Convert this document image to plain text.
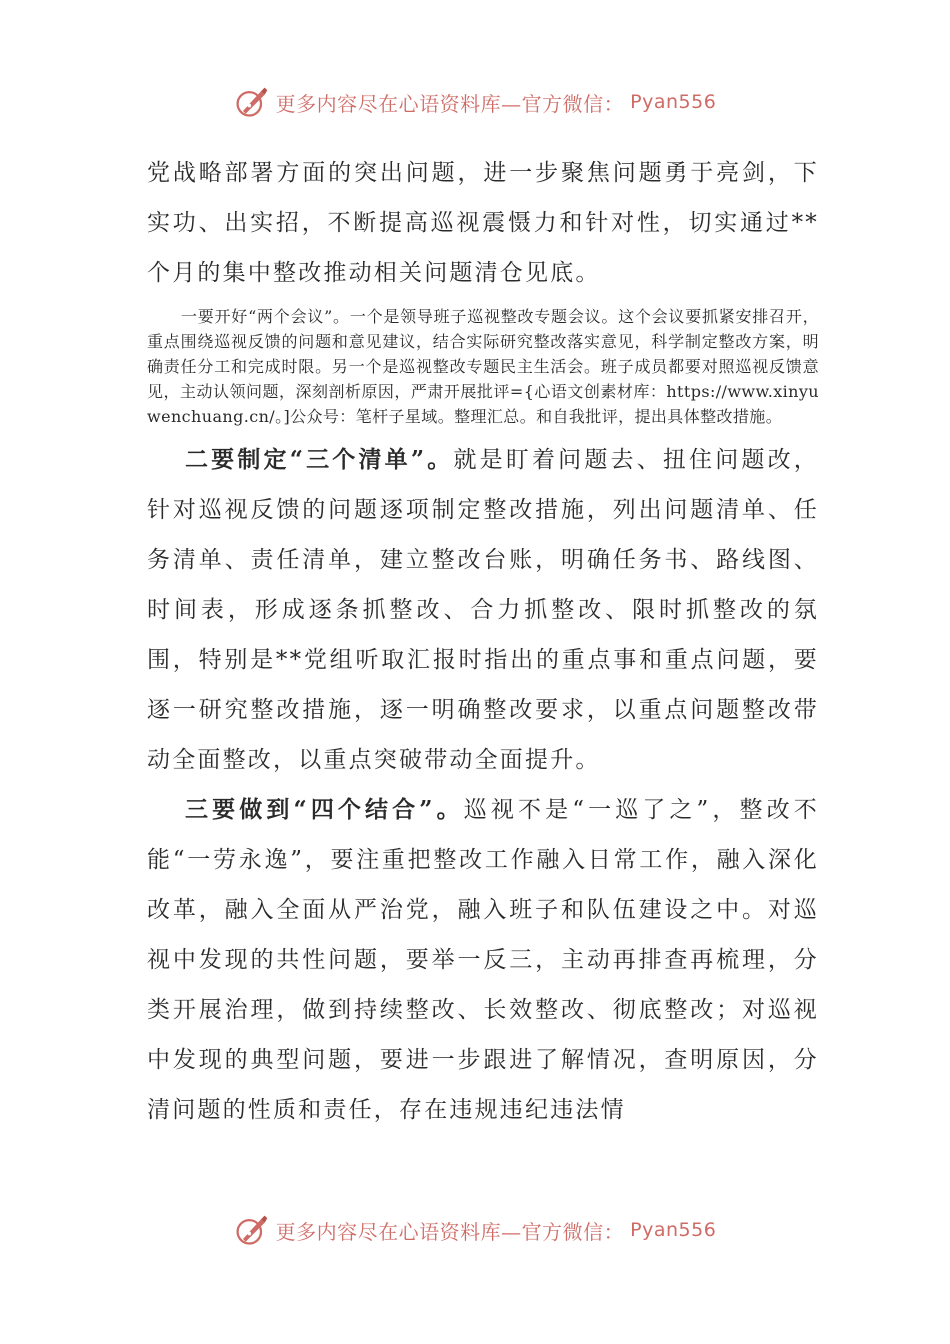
更多内容尽在心语资料库—官方微信： Pyan556

党战略部署方面的突出问题，进一步聚焦问题勇于亮剑，下实功、出实招，不断提高巡视震慑力和针对性，切实通过**个月的集中整改推动相关问题清仓见底。

一要开好“两个会议”。一个是领导班子巡视整改专题会议。这个会议要抓紧安排召开，重点围绕巡视反馈的问题和意见建议，结合实际研究整改落实意见，科学制定整改方案，明确责任分工和完成时限。另一个是巡视整改专题民主生活会。班子成员都要对照巡视反馈意见，主动认领问题，深刻剖析原因，严肃开展批评={心语文创素材库：https://www.xinyuwenchuang.cn/。]公众号：笔杆子星域。整理汇总。和自我批评，提出具体整改措施。

二要制定“三个清单”。就是盯着问题去、扭住问题改，针对巡视反馈的问题逐项制定整改措施，列出问题清单、任务清单、责任清单，建立整改台账，明确任务书、路线图、时间表，形成逐条抓整改、合力抓整改、限时抓整改的氛围，特别是**党组听取汇报时指出的重点事和重点问题，要逐一研究整改措施，逐一明确整改要求，以重点问题整改带动全面整改，以重点突破带动全面提升。

三要做到“四个结合”。巡视不是“一巡了之”，整改不能“一劳永逸”，要注重把整改工作融入日常工作，融入深化改革，融入全面从严治党，融入班子和队伍建设之中。对巡视中发现的共性问题，要举一反三，主动再排查再梳理，分类开展治理，做到持续整改、长效整改、彻底整改；对巡视中发现的典型问题，要进一步跟进了解情况，查明原因，分清问题的性质和责任，存在违规违纪违法情

更多内容尽在心语资料库—官方微信： Pyan556
